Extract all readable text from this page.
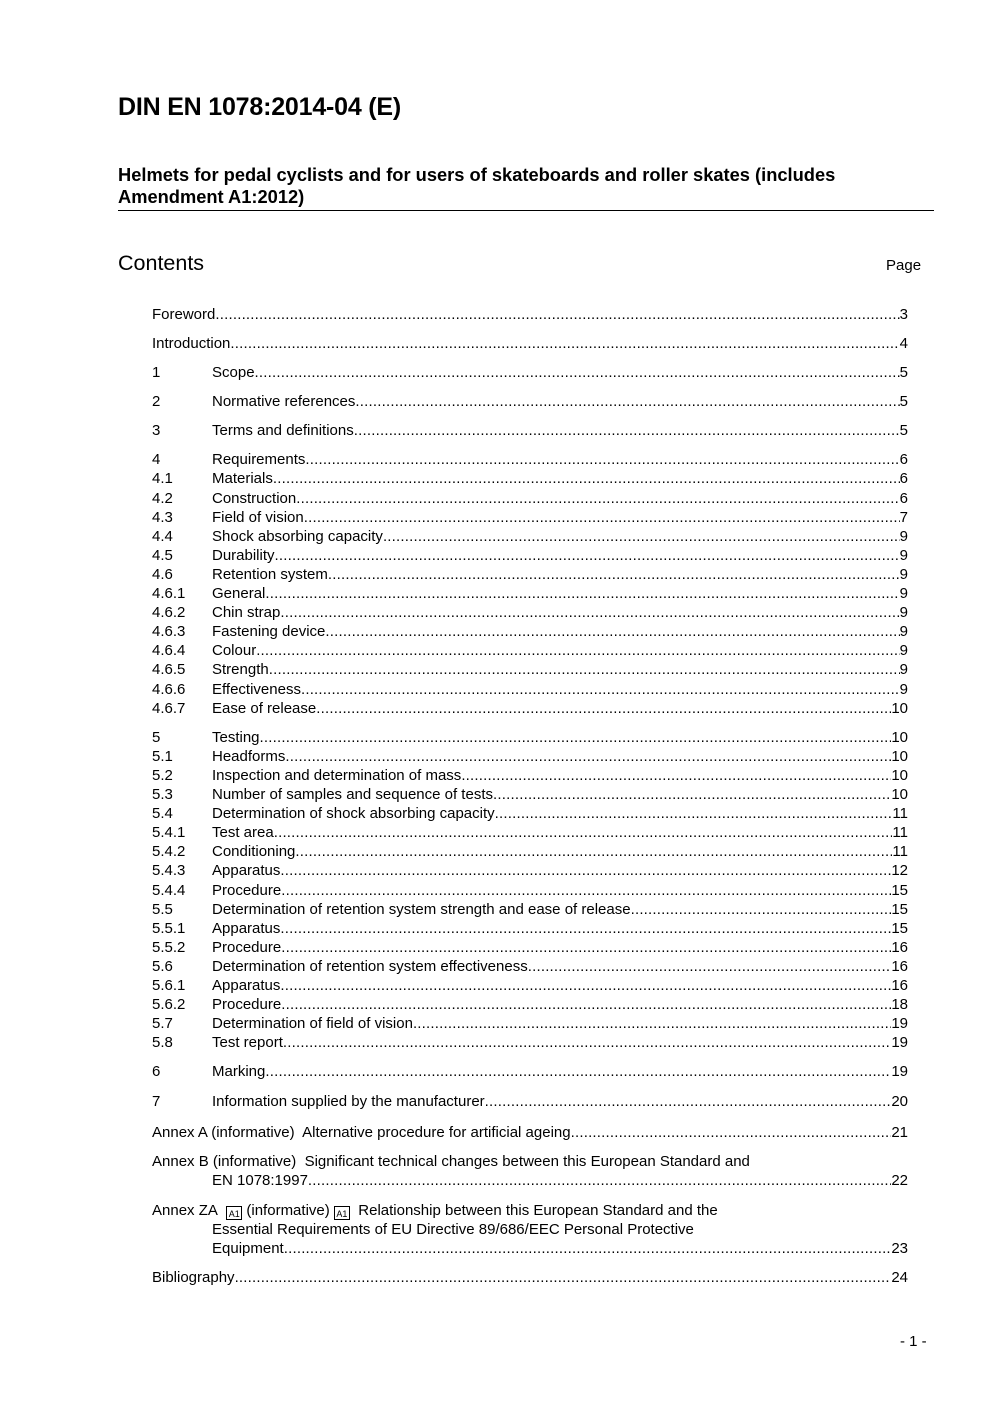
DIN EN 1078:2014-04 (E)
Helmets for pedal cyclists and for users of skateboards and roller skates (includes
Amendment A1:2012)
Contents	Page
Foreword .....	3
Introduction .....	4
1	Scope .....	5
2	Normative references .....	5
3	Terms and definitions .....	5
4	Requirements .....	6
4.1	Materials .....	6
4.2	Construction .....	6
4.3	Field of vision .....	7
4.4	Shock absorbing capacity .....	9
4.5	Durability .....	9
4.6	Retention system .....	9
4.6.1 General .....	9
4.6.2 Chin strap .....	9
4.6.3 Fastening device .....	9
4.6.4 Colour .....	9
4.6.5 Strength .....	9
4.6.6 Effectiveness .....	9
4.6.7 Ease of release .....	10
5	Testing .....	10
5.1	Headforms .....	10
5.2	Inspection and determination of mass .....	10
5.3	Number of samples and sequence of tests .....	10
5.4	Determination of shock absorbing capacity .....	11
5.4.1 Test area .....	11
5.4.2 Conditioning .....	11
5.4.3 Apparatus .....	12
5.4.4 Procedure .....	15
5.5	Determination of retention system strength and ease of release .....	15
5.5.1 Apparatus .....	15
5.5.2 Procedure .....	16
5.6	Determination of retention system effectiveness .....	16
5.6.1 Apparatus .....	16
5.6.2 Procedure .....	18
5.7	Determination of field of vision .....	19
5.8	Test report .....	19
6	Marking .....	19
7	Information supplied by the manufacturer .....	20
Annex A (informative) Alternative procedure for artificial ageing .....	21
Annex B (informative) Significant technical changes between this European Standard and
EN 1078:1997 .....	22
Annex ZA A1 (informative) A1 Relationship between this European Standard and the
Essential Requirements of EU Directive 89/686/EEC Personal Protective
Equipment .....	23
Bibliography .....	24
- 1 -
